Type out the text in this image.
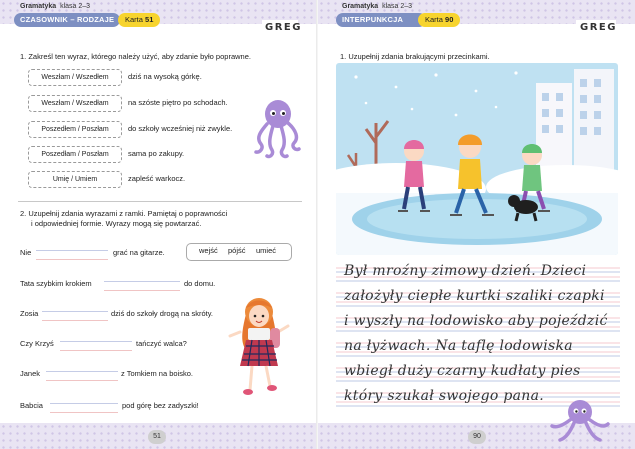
Gramatyka klasa 2–3
CZASOWNIK – RODZAJE	Karta 51
GREG
1. Zakreśl ten wyraz, którego należy użyć, aby zdanie było poprawne.
Weszłam / Wszedłem	dziś na wysoką górkę.
Weszłam / Wszedłam	na szóste piętro po schodach.
Poszedłem / Poszłam	do szkoły wcześniej niż zwykle.
Poszedłam / Poszłam	sama po zakupy.
Umię / Umiem	zapleść warkocz.
2. Uzupełnij zdania wyrazami z ramki. Pamiętaj o poprawności
i odpowiedniej formie. Wyrazy mogą się powtarzać.
wejść pójść umieć
Nie	grać na gitarze.
Tata szybkim krokiem	do domu.
Zosia	dziś do szkoły drogą na skróty.
Czy Krzyś	tańczyć walca?
Janek	z Tomkiem na boisko.
Babcia	pod górę bez zadyszki!
51
Gramatyka klasa 2–3
INTERPUNKCJA	Karta 90
GREG
1. Uzupełnij zdania brakującymi przecinkami.
Był mroźny zimowy dzień. Dzieci
założyły ciepłe kurtki szaliki czapki
i wyszły na lodowisko aby pojeździć
na łyżwach. Na taflę lodowiska
wbiegł duży czarny kudłaty pies
który szukał swojego pana.
90
